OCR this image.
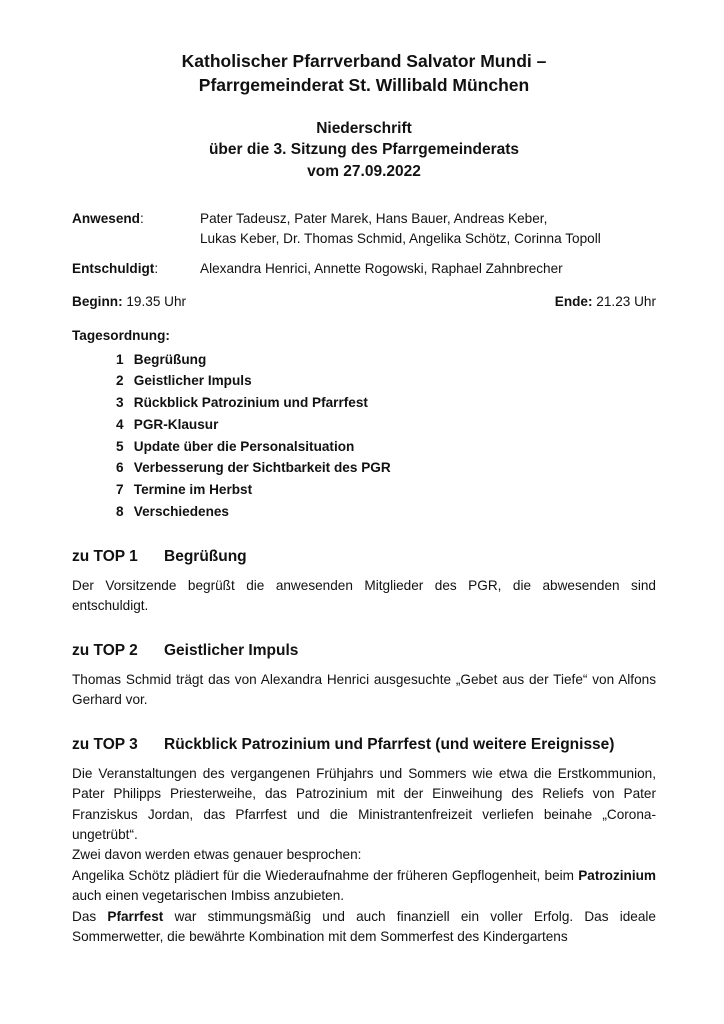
Katholischer Pfarrverband Salvator Mundi –
Pfarrgemeinderat St. Willibald München

Niederschrift
über die 3. Sitzung des Pfarrgemeinderats
vom 27.09.2022

Anwesend:	Pater Tadeusz, Pater Marek, Hans Bauer, Andreas Keber,
Lukas Keber, Dr. Thomas Schmid, Angelika Schötz, Corinna Topoll
Entschuldigt:	Alexandra Henrici, Annette Rogowski, Raphael Zahnbrecher
Beginn: 19.35 Uhr	Ende: 21.23 Uhr
Tagesordnung:
1 Begrüßung
2 Geistlicher Impuls
3 Rückblick Patrozinium und Pfarrfest
4 PGR-Klausur
5 Update über die Personalsituation
6 Verbesserung der Sichtbarkeit des PGR
7 Termine im Herbst
8 Verschiedenes
zu TOP 1 Begrüßung

Der Vorsitzende begrüßt die anwesenden Mitglieder des PGR, die abwesenden sind entschuldigt.

zu TOP 2 Geistlicher Impuls

Thomas Schmid trägt das von Alexandra Henrici ausgesuchte „Gebet aus der Tiefe“ von Alfons Gerhard vor.

zu TOP 3 Rückblick Patrozinium und Pfarrfest (und weitere Ereignisse)

Die Veranstaltungen des vergangenen Frühjahrs und Sommers wie etwa die Erstkommunion, Pater Philipps Priesterweihe, das Patrozinium mit der Einweihung des Reliefs von Pater Franziskus Jordan, das Pfarrfest und die Ministrantenfreizeit verliefen beinahe „Corona-ungetrübt“.

Zwei davon werden etwas genauer besprochen:

Angelika Schötz plädiert für die Wiederaufnahme der früheren Gepflogenheit, beim Patrozinium auch einen vegetarischen Imbiss anzubieten.

Das Pfarrfest war stimmungsmäßig und auch finanziell ein voller Erfolg. Das ideale Sommerwetter, die bewährte Kombination mit dem Sommerfest des Kindergartens
